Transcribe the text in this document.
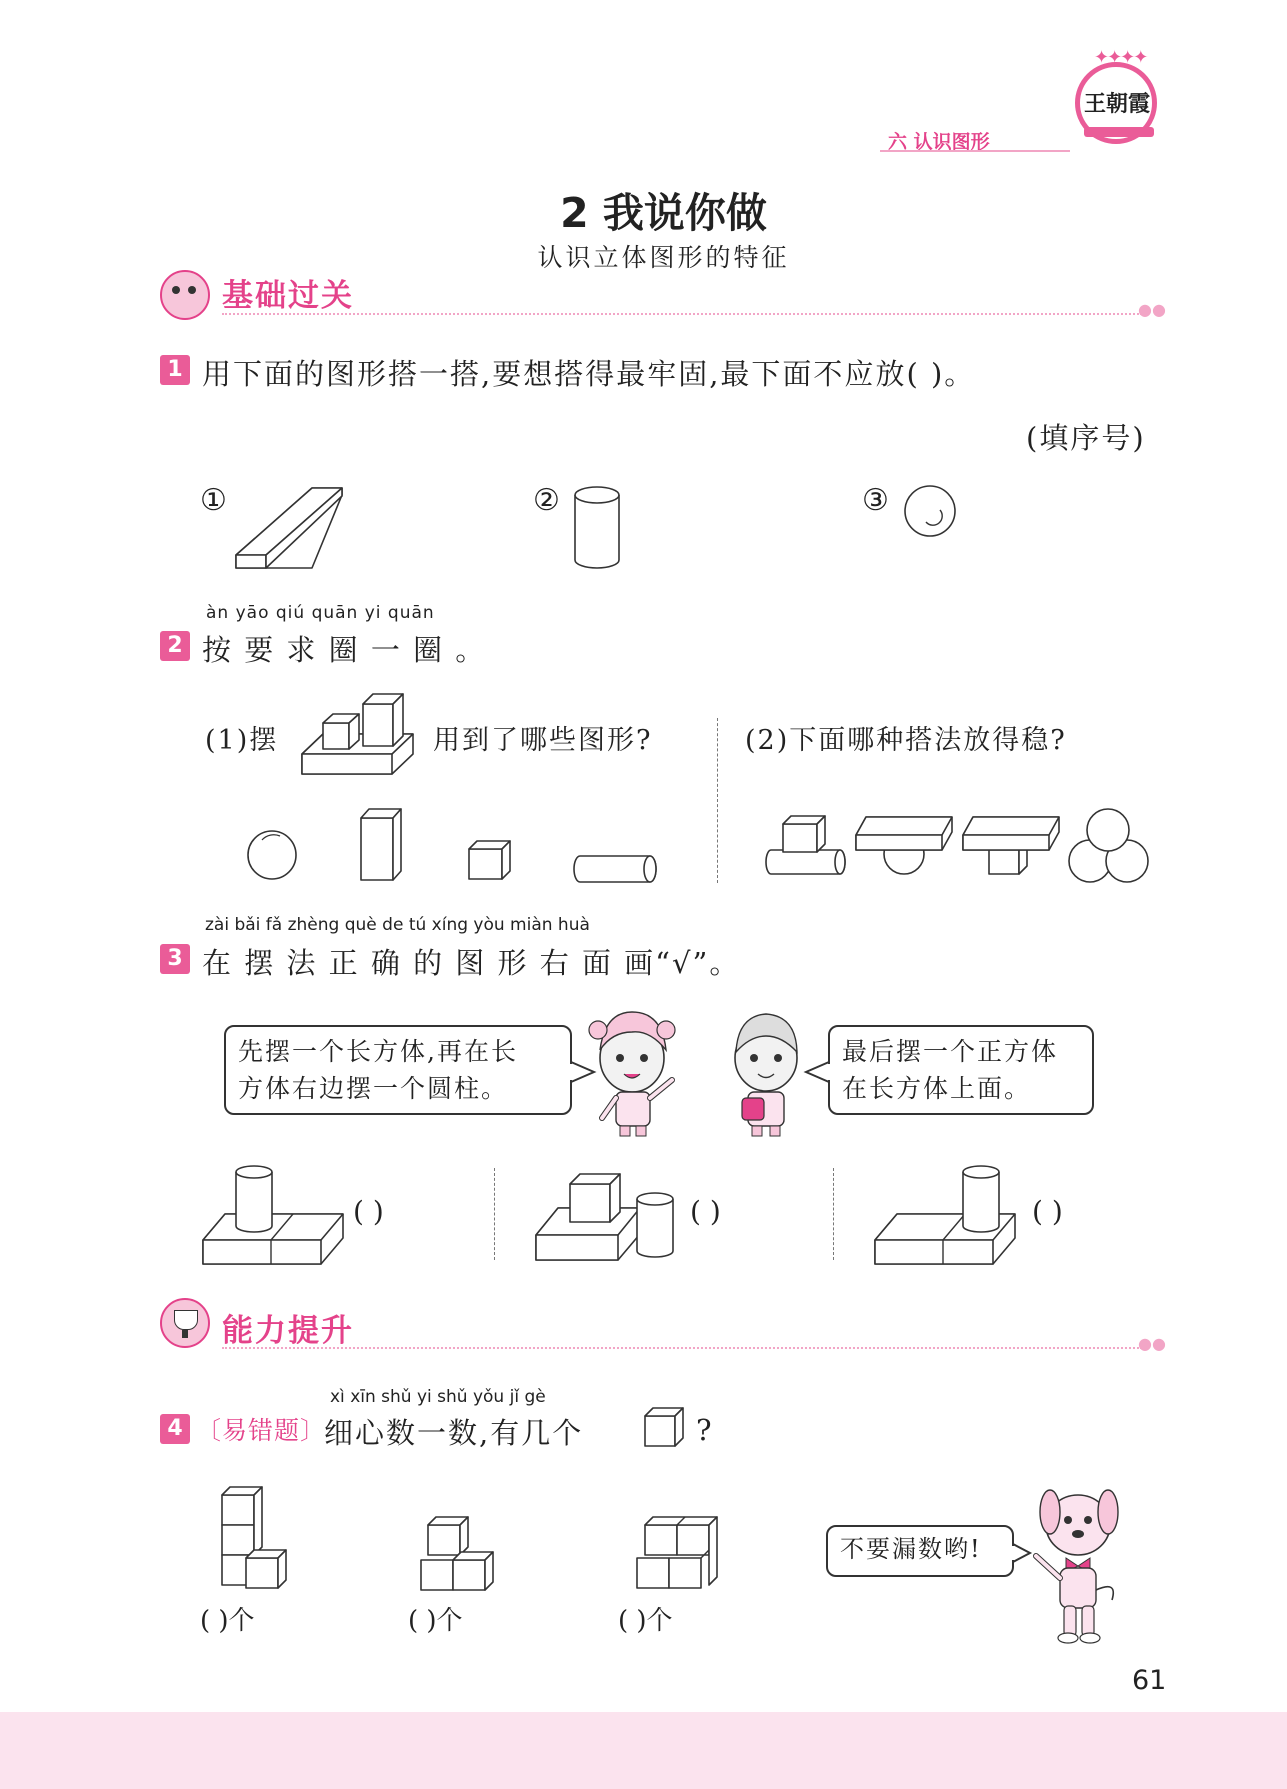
六 认识图形
✦✦✦✦
王朝霞
2 我说你做
认识立体图形的特征
基础过关	●●
1 用下面的图形搭一搭,要想搭得最牢固,最下面不应放( )。
(填序号)
①	②	③
àn yāo qiú quān yi quān
2 按 要 求 圈 一 圈 。
(1)摆	用到了哪些图形?	(2)下面哪种搭法放得稳?
zài bǎi fǎ zhèng què de tú xíng yòu miàn huà
3 在 摆 法 正 确 的 图 形 右 面 画“√”。
先摆一个长方体,再在长
方体右边摆一个圆柱。
最后摆一个正方体
在长方体上面。
( )	( )	( )
能力提升	●●
xì xīn shǔ yi shǔ yǒu jǐ gè
4 〔易错题〕
细心数一数,有几个	?
( )个	( )个	( )个
不要漏数哟!
61
